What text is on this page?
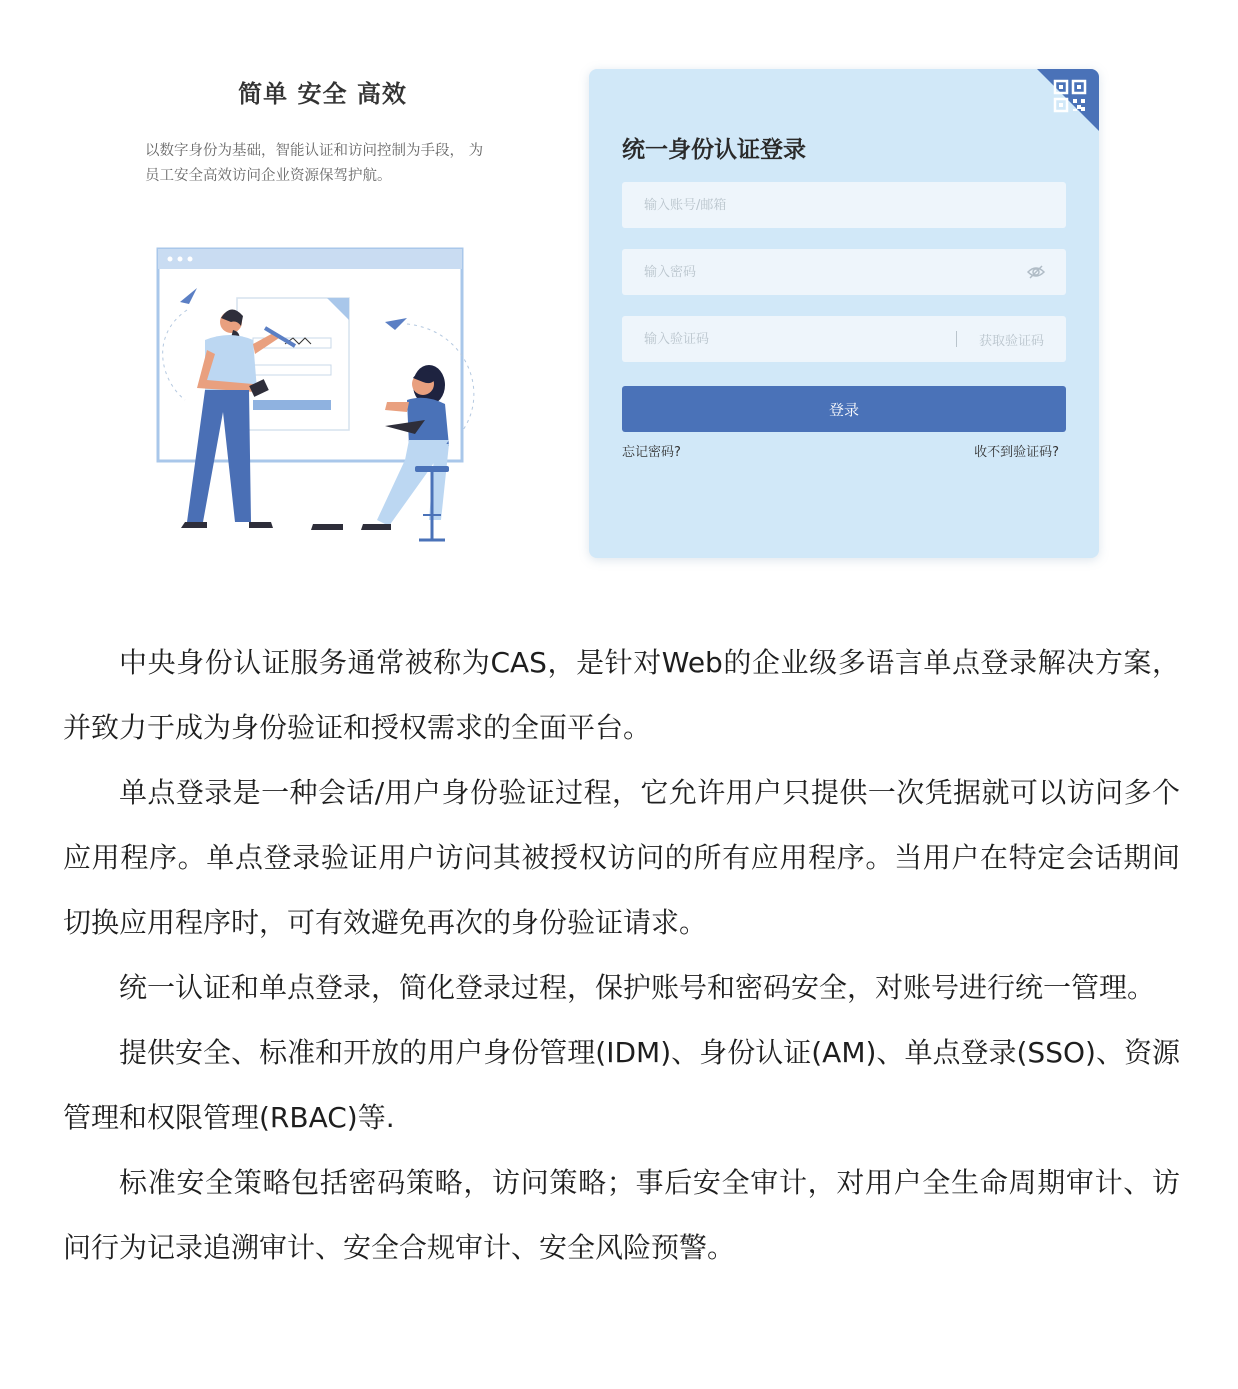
简单 安全 高效
以数字身份为基础，智能认证和访问控制为手段， 为员工安全高效访问企业资源保驾护航。
统一身份认证登录
输入账号/邮箱
输入验证码
获取验证码
登录
忘记密码?	收不到验证码?

中央身份认证服务通常被称为CAS，是针对Web的企业级多语言单点登录解决方案，并致力于成为身份验证和授权需求的全面平台。

单点登录是一种会话/用户身份验证过程，它允许用户只提供一次凭据就可以访问多个应用程序。单点登录验证用户访问其被授权访问的所有应用程序。当用户在特定会话期间切换应用程序时，可有效避免再次的身份验证请求。

统一认证和单点登录，简化登录过程，保护账号和密码安全，对账号进行统一管理。

提供安全、标准和开放的用户身份管理(IDM)、身份认证(AM)、单点登录(SSO)、资源管理和权限管理(RBAC)等.

标准安全策略包括密码策略，访问策略；事后安全审计，对用户全生命周期审计、访问行为记录追溯审计、安全合规审计、安全风险预警。
